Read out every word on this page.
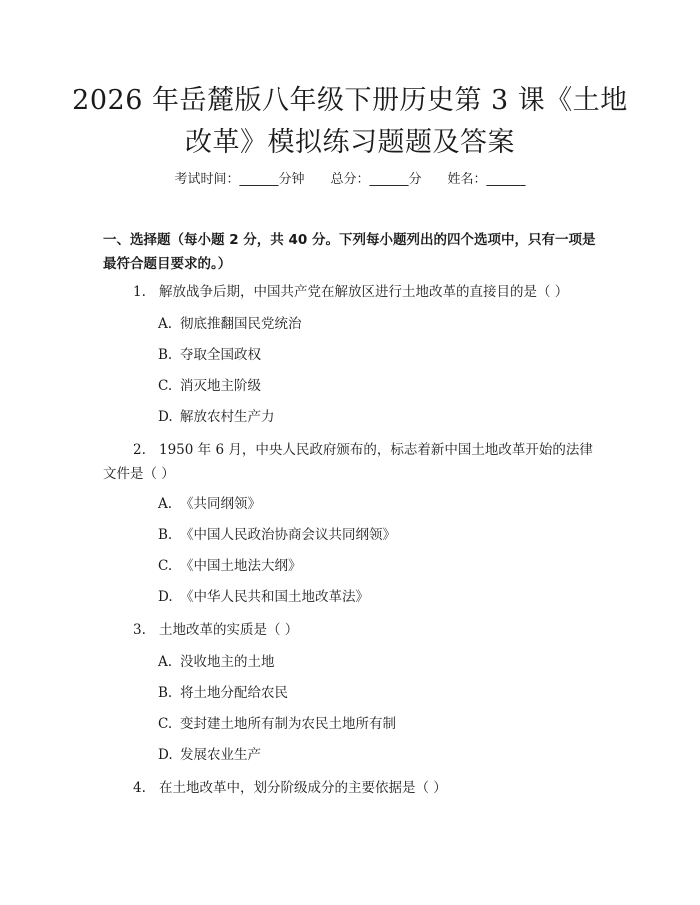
2026 年岳麓版八年级下册历史第 3 课《土地
改革》模拟练习题题及答案
考试时间：______分钟 总分：______分 姓名：______
一、选择题（每小题 2 分，共 40 分。下列每小题列出的四个选项中，只有一项是最符合题目要求的。）
1. 解放战争后期，中国共产党在解放区进行土地改革的直接目的是（ ）
A. 彻底推翻国民党统治
B. 夺取全国政权
C. 消灭地主阶级
D. 解放农村生产力
2. 1950 年 6 月，中央人民政府颁布的，标志着新中国土地改革开始的法律
文件是（ ）
A. 《共同纲领》
B. 《中国人民政治协商会议共同纲领》
C. 《中国土地法大纲》
D. 《中华人民共和国土地改革法》
3. 土地改革的实质是（ ）
A. 没收地主的土地
B. 将土地分配给农民
C. 变封建土地所有制为农民土地所有制
D. 发展农业生产
4. 在土地改革中，划分阶级成分的主要依据是（ ）
